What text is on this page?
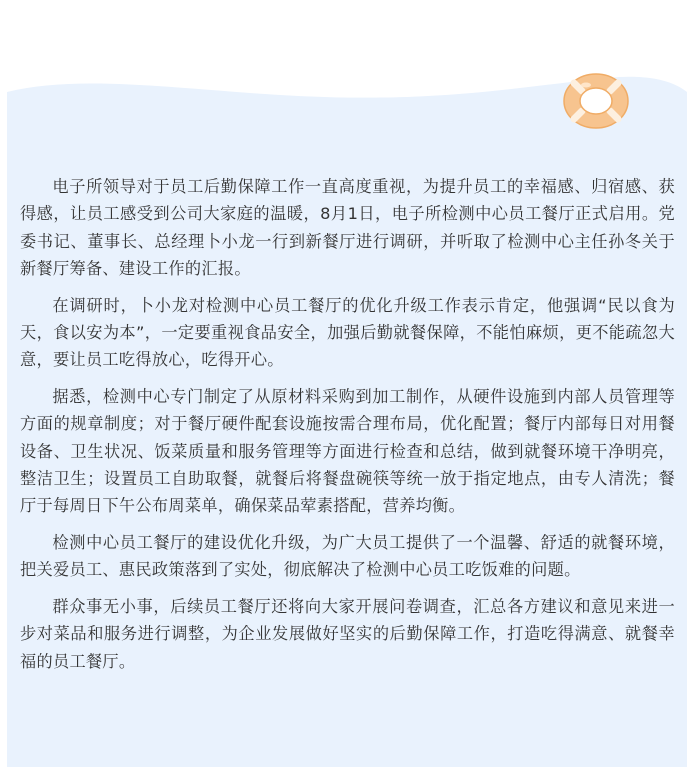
电子所领导对于员工后勤保障工作一直高度重视，为提升员工的幸福感、归宿感、获得感，让员工感受到公司大家庭的温暖，8月1日，电子所检测中心员工餐厅正式启用。党委书记、董事长、总经理卜小龙一行到新餐厅进行调研，并听取了检测中心主任孙冬关于新餐厅筹备、建设工作的汇报。

在调研时，卜小龙对检测中心员工餐厅的优化升级工作表示肯定，他强调“民以食为天，食以安为本”，一定要重视食品安全，加强后勤就餐保障，不能怕麻烦，更不能疏忽大意，要让员工吃得放心，吃得开心。

据悉，检测中心专门制定了从原材料采购到加工制作，从硬件设施到内部人员管理等方面的规章制度；对于餐厅硬件配套设施按需合理布局，优化配置；餐厅内部每日对用餐设备、卫生状况、饭菜质量和服务管理等方面进行检查和总结，做到就餐环境干净明亮，整洁卫生；设置员工自助取餐，就餐后将餐盘碗筷等统一放于指定地点，由专人清洗；餐厅于每周日下午公布周菜单，确保菜品荤素搭配，营养均衡。

检测中心员工餐厅的建设优化升级，为广大员工提供了一个温馨、舒适的就餐环境，把关爱员工、惠民政策落到了实处，彻底解决了检测中心员工吃饭难的问题。

群众事无小事，后续员工餐厅还将向大家开展问卷调查，汇总各方建议和意见来进一步对菜品和服务进行调整，为企业发展做好坚实的后勤保障工作，打造吃得满意、就餐幸福的员工餐厅。
